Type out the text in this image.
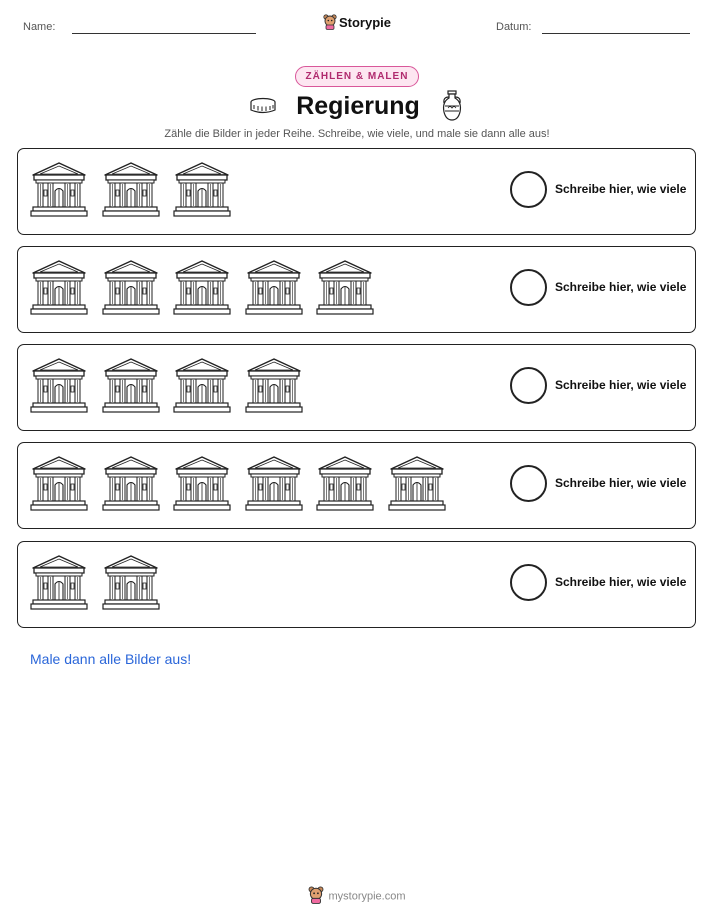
Name:	Storypie	Datum:
ZÄHLEN & MALEN
Regierung
Zähle die Bilder in jeder Reihe. Schreibe, wie viele, und male sie dann alle aus!
Schreibe hier, wie viele
Schreibe hier, wie viele
Schreibe hier, wie viele
Schreibe hier, wie viele
Schreibe hier, wie viele
Male dann alle Bilder aus!
mystorypie.com
